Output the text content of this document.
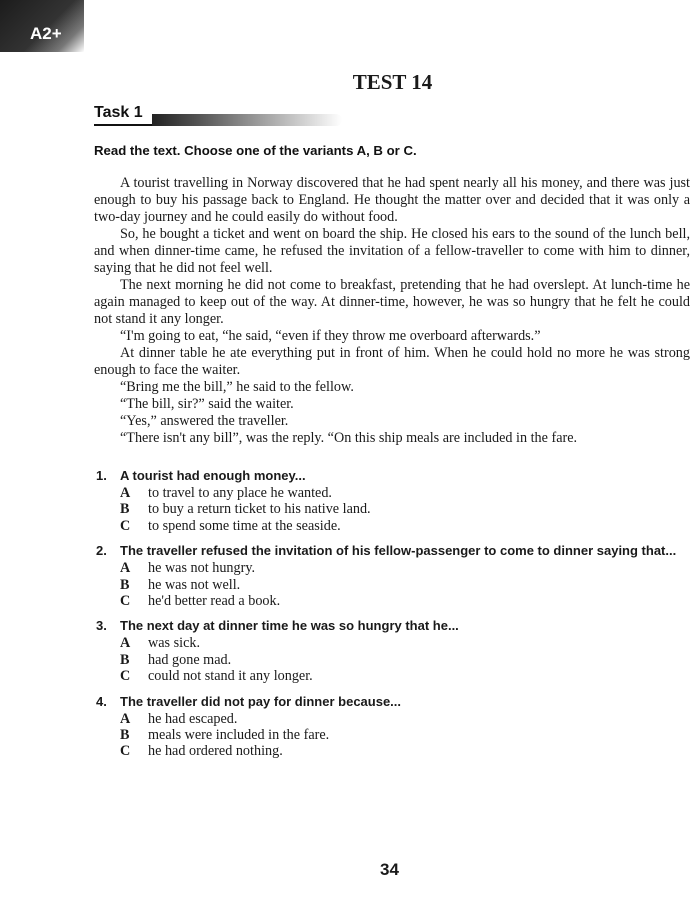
A2+
TEST 14
Task 1
Read the text. Choose one of the variants A, B or C.

A tourist travelling in Norway discovered that he had spent nearly all his money, and there was just enough to buy his passage back to England. He thought the matter over and decided that it was only a two-day journey and he could easily do without food.

So, he bought a ticket and went on board the ship. He closed his ears to the sound of the lunch bell, and when dinner-time came, he refused the invitation of a fellow-traveller to come with him to dinner, saying that he did not feel well.

The next morning he did not come to breakfast, pretending that he had overslept. At lunch-time he again managed to keep out of the way. At dinner-time, however, he was so hungry that he felt he could not stand it any longer.

“I'm going to eat, “he said, “even if they throw me overboard afterwards.”

At dinner table he ate everything put in front of him. When he could hold no more he was strong enough to face the waiter.

“Bring me the bill,” he said to the fellow.

“The bill, sir?” said the waiter.

“Yes,” answered the traveller.

“There isn't any bill”, was the reply. “On this ship meals are included in the fare.

1.	A tourist had enough money...
A	to travel to any place he wanted.
B	to buy a return ticket to his native land.
C	to spend some time at the seaside.
2.	The traveller refused the invitation of his fellow-passenger to come to dinner saying that...
A	he was not hungry.
B	he was not well.
C	he'd better read a book.
3.	The next day at dinner time he was so hungry that he...
A	was sick.
B	had gone mad.
C	could not stand it any longer.
4.	The traveller did not pay for dinner because...
A	he had escaped.
B	meals were included in the fare.
C	he had ordered nothing.
34
